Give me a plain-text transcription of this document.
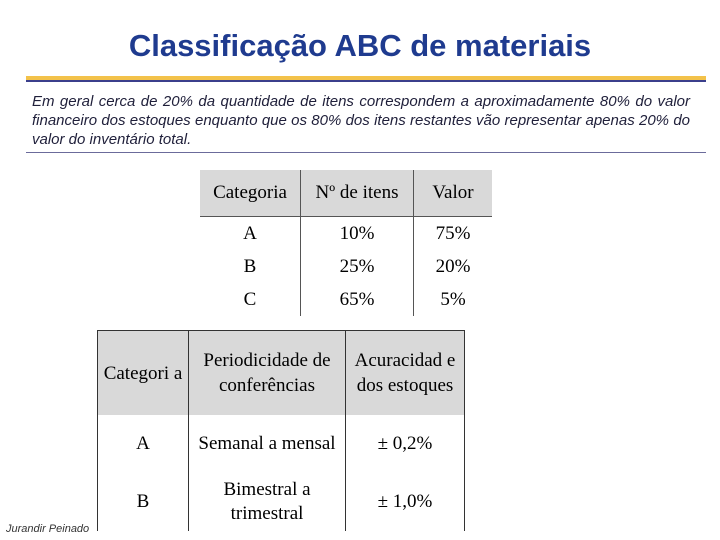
Classificação ABC de materiais

Em geral cerca de 20% da quantidade de itens correspondem a aproximadamente 80% do valor financeiro dos estoques enquanto que os 80% dos itens restantes vão representar apenas 20% do valor do inventário total.

Categoria	Nº de itens	Valor
A	10%	75%
B	25%	20%
C	65%	5%
Categori a	Periodicidade de conferências	Acuracidad e dos estoques
A	Semanal a mensal	± 0,2%
B	Bimestral a trimestral	± 1,0%

Jurandir Peinado
